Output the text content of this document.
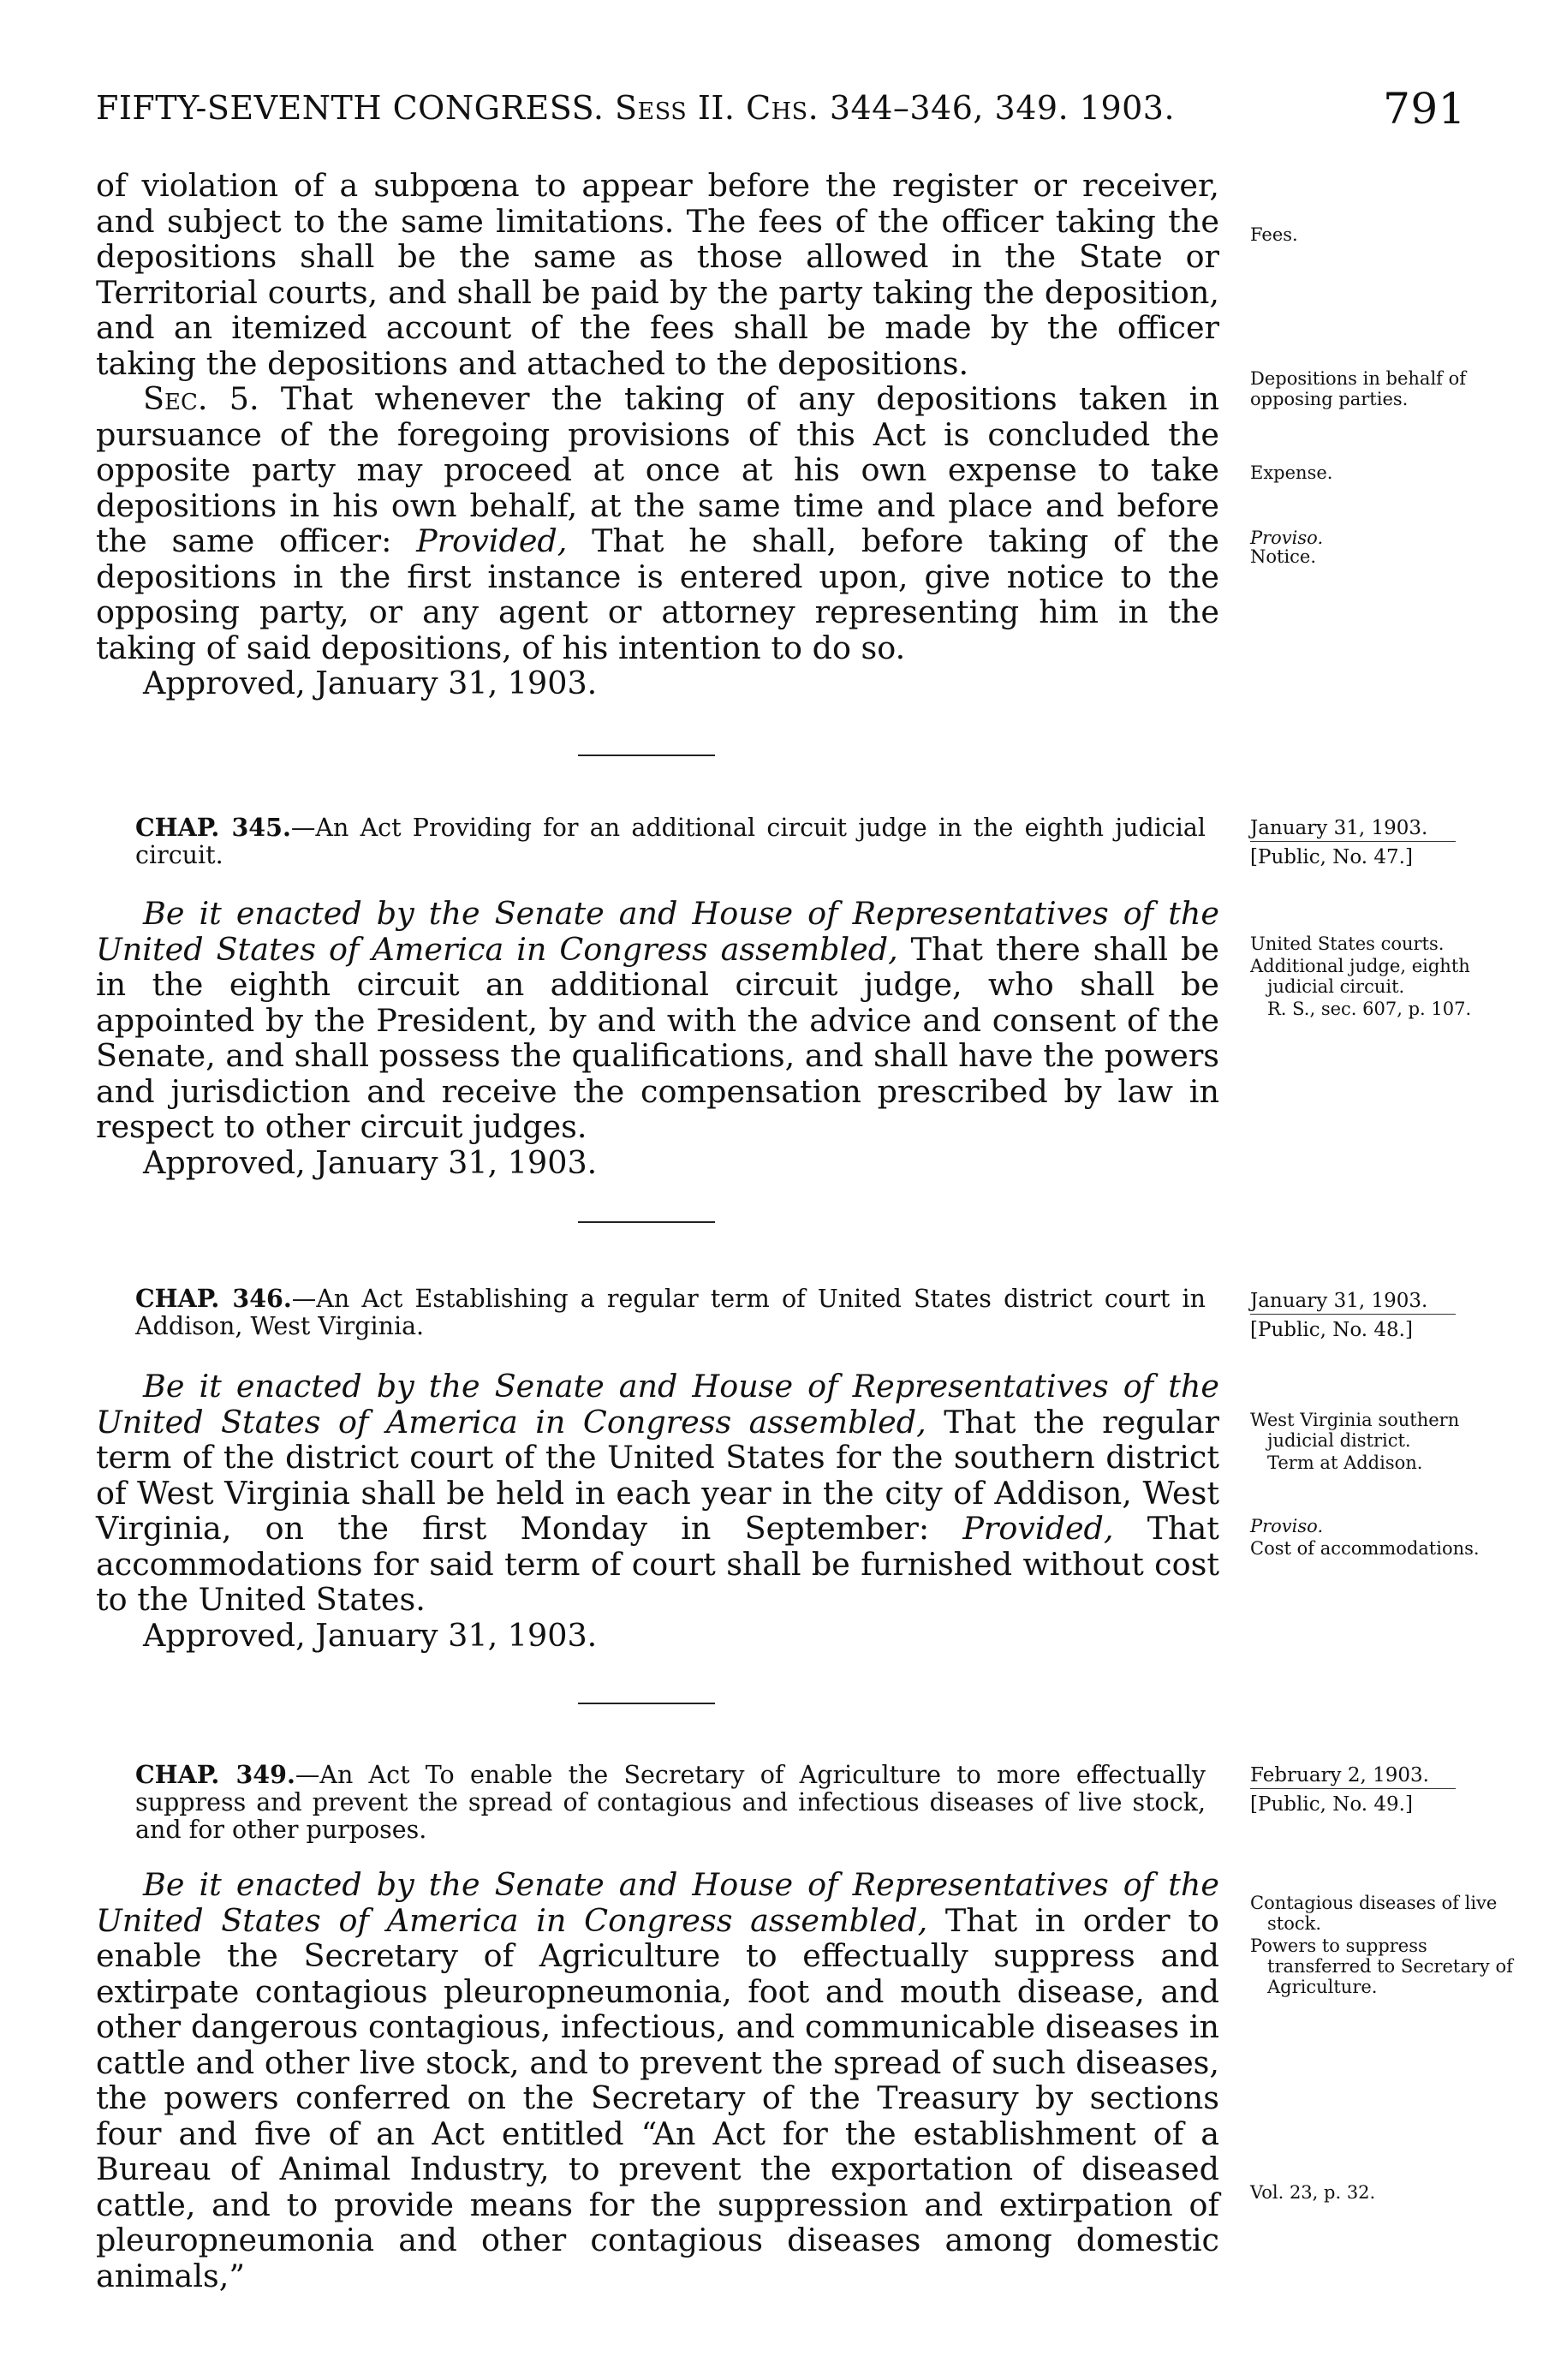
FIFTY-SEVENTH CONGRESS. Sess II. Chs. 344–346, 349. 1903.	791

of violation of a subpœna to appear before the register or receiver, and subject to the same limitations. The fees of the officer taking the depositions shall be the same as those allowed in the State or Territorial courts, and shall be paid by the party taking the deposition, and an itemized account of the fees shall be made by the officer taking the depositions and attached to the depositions.

Sec. 5. That whenever the taking of any depositions taken in pursuance of the foregoing provisions of this Act is concluded the opposite party may proceed at once at his own expense to take depositions in his own behalf, at the same time and place and before the same officer: Provided, That he shall, before taking of the depositions in the first instance is entered upon, give notice to the opposing party, or any agent or attorney representing him in the taking of said depositions, of his intention to do so.

Approved, January 31, 1903.

Fees.
Depositions in behalf of opposing parties.
Expense.
Proviso.
Notice.
CHAP. 345.—An Act Providing for an additional circuit judge in the eighth judicial circuit.
January 31, 1903.
[Public, No. 47.]

Be it enacted by the Senate and House of Representatives of the United States of America in Congress assembled, That there shall be in the eighth circuit an additional circuit judge, who shall be appointed by the President, by and with the advice and consent of the Senate, and shall possess the qualifications, and shall have the powers and jurisdiction and receive the compensation prescribed by law in respect to other circuit judges.

Approved, January 31, 1903.

United States courts.
Additional judge, eighth judicial circuit.
R. S., sec. 607, p. 107.
CHAP. 346.—An Act Establishing a regular term of United States district court in Addison, West Virginia.
January 31, 1903.
[Public, No. 48.]

Be it enacted by the Senate and House of Representatives of the United States of America in Congress assembled, That the regular term of the district court of the United States for the southern district of West Virginia shall be held in each year in the city of Addison, West Virginia, on the first Monday in September: Provided, That accommodations for said term of court shall be furnished without cost to the United States.

Approved, January 31, 1903.

West Virginia southern judicial district.
Term at Addison.
Proviso.
Cost of accommodations.
CHAP. 349.—An Act To enable the Secretary of Agriculture to more effectually suppress and prevent the spread of contagious and infectious diseases of live stock, and for other purposes.
February 2, 1903.
[Public, No. 49.]

Be it enacted by the Senate and House of Representatives of the United States of America in Congress assembled, That in order to enable the Secretary of Agriculture to effectually suppress and extirpate contagious pleuropneumonia, foot and mouth disease, and other dangerous contagious, infectious, and communicable diseases in cattle and other live stock, and to prevent the spread of such diseases, the powers conferred on the Secretary of the Treasury by sections four and five of an Act entitled “An Act for the establishment of a Bureau of Animal Industry, to prevent the exportation of diseased cattle, and to provide means for the suppression and extirpation of pleuropneumonia and other contagious diseases among domestic animals,”

Contagious diseases of live stock.
Powers to suppress transferred to Secretary of Agriculture.
Vol. 23, p. 32.
